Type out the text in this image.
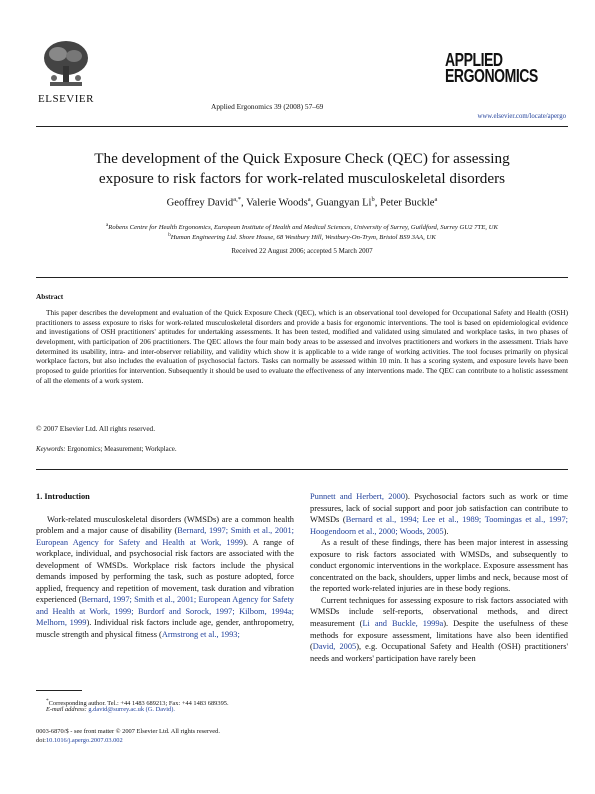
ELSEVIER
Applied Ergonomics 39 (2008) 57–69
APPLIED
ERGONOMICS
www.elsevier.com/locate/apergo
The development of the Quick Exposure Check (QEC) for assessing
exposure to risk factors for work-related musculoskeletal disorders
Geoffrey David$^{a,*}$, Valerie Woods$^a$, Guangyan Li$^b$, Peter Buckle$^a$
$^a$Robens Centre for Health Ergonomics, European Institute of Health and Medical Sciences, University of Surrey, Guildford, Surrey GU2 7TE, UK
$^b$Human Engineering Ltd. Shore House, 68 Westbury Hill, Westbury-On-Trym, Bristol BS9 3AA, UK
Received 22 August 2006; accepted 5 March 2007
Abstract
This paper describes the development and evaluation of the Quick Exposure Check (QEC), which is an observational tool developed for Occupational Safety and Health (OSH) practitioners to assess exposure to risks for work-related musculoskeletal disorders and provide a basis for ergonomic interventions. The tool is based on epidemiological evidence and investigations of OSH practitioners' aptitudes for undertaking assessments. It has been tested, modified and validated using simulated and workplace tasks, in two phases of development, with participation of 206 practitioners. The QEC allows the four main body areas to be assessed and involves practitioners and workers in the assessment. Trials have determined its usability, intra- and inter-observer reliability, and validity which show it is applicable to a wide range of working activities. The tool focuses primarily on physical workplace factors, but also includes the evaluation of psychosocial factors. Tasks can normally be assessed within 10 min. It has a scoring system, and exposure levels have been proposed to guide priorities for intervention. Subsequently it should be used to evaluate the effectiveness of any interventions made. The QEC can contribute to a holistic assessment of all the elements of a work system.
© 2007 Elsevier Ltd. All rights reserved.
Keywords: Ergonomics; Measurement; Workplace.
1. Introduction
Work-related musculoskeletal disorders (WMSDs) are a common health problem and a major cause of disability (Bernard, 1997; Smith et al., 2001; European Agency for Safety and Health at Work, 1999). A range of workplace, individual, and psychosocial risk factors are associated with the development of WMSDs. Workplace risk factors include the physical demands imposed by performing the task, such as posture adopted, force applied, frequency and repetition of movement, task duration and vibration experienced (Bernard, 1997; Smith et al., 2001; European Agency for Safety and Health at Work, 1999; Burdorf and Sorock, 1997; Kilbom, 1994a; Melhorn, 1999). Individual risk factors include age, gender, anthropometry, muscle strength and physical fitness (Armstrong et al., 1993;
Punnett and Herbert, 2000). Psychosocial factors such as work or time pressures, lack of social support and poor job satisfaction can contribute to WMSDs (Bernard et al., 1994; Lee et al., 1989; Toomingas et al., 1997; Hoogendoorn et al., 2000; Woods, 2005).
As a result of these findings, there has been major interest in assessing exposure to risk factors associated with WMSDs, and subsequently to conduct ergonomic interventions in the workplace. Exposure assessment has concentrated on the back, shoulders, upper limbs and neck, because most of the reported work-related injuries are in these body regions.
Current techniques for assessing exposure to risk factors associated with WMSDs include self-reports, observational methods, and direct measurement (Li and Buckle, 1999a). Despite the usefulness of these methods for exposure assessment, limitations have also been identified (David, 2005), e.g. Occupational Safety and Health (OSH) practitioners' needs and workers' participation have rarely been
*Corresponding author. Tel.: +44 1483 689213; Fax: +44 1483 689395.
E-mail address: g.david@surrey.ac.uk (G. David).
0003-6870/$ - see front matter © 2007 Elsevier Ltd. All rights reserved.
doi:10.1016/j.apergo.2007.03.002
